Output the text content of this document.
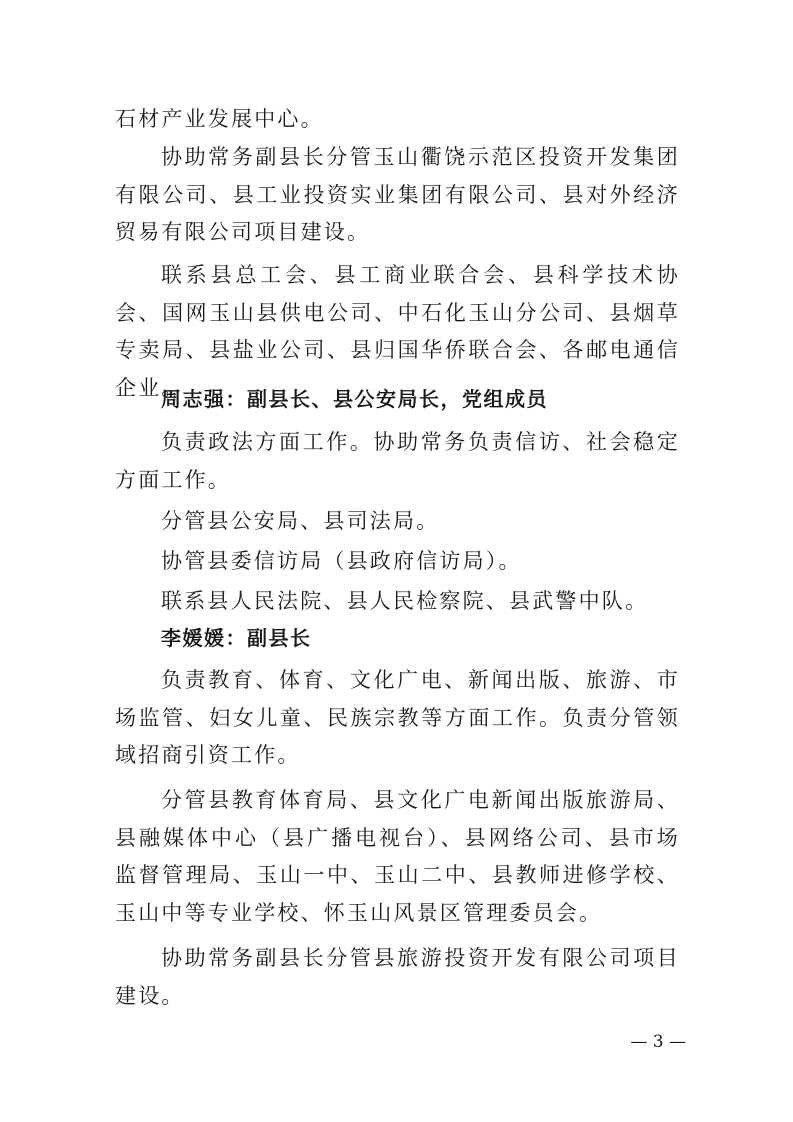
石材产业发展中心。
协助常务副县长分管玉山衢饶示范区投资开发集团有限公司、县工业投资实业集团有限公司、县对外经济贸易有限公司项目建设。
联系县总工会、县工商业联合会、县科学技术协会、国网玉山县供电公司、中石化玉山分公司、县烟草专卖局、县盐业公司、县归国华侨联合会、各邮电通信企业。
周志强：副县长、县公安局长，党组成员
负责政法方面工作。协助常务负责信访、社会稳定方面工作。
分管县公安局、县司法局。
协管县委信访局（县政府信访局）。
联系县人民法院、县人民检察院、县武警中队。
李媛媛：副县长
负责教育、体育、文化广电、新闻出版、旅游、市场监管、妇女儿童、民族宗教等方面工作。负责分管领域招商引资工作。
分管县教育体育局、县文化广电新闻出版旅游局、县融媒体中心（县广播电视台）、县网络公司、县市场监督管理局、玉山一中、玉山二中、县教师进修学校、玉山中等专业学校、怀玉山风景区管理委员会。
协助常务副县长分管县旅游投资开发有限公司项目建设。
— 3 —
